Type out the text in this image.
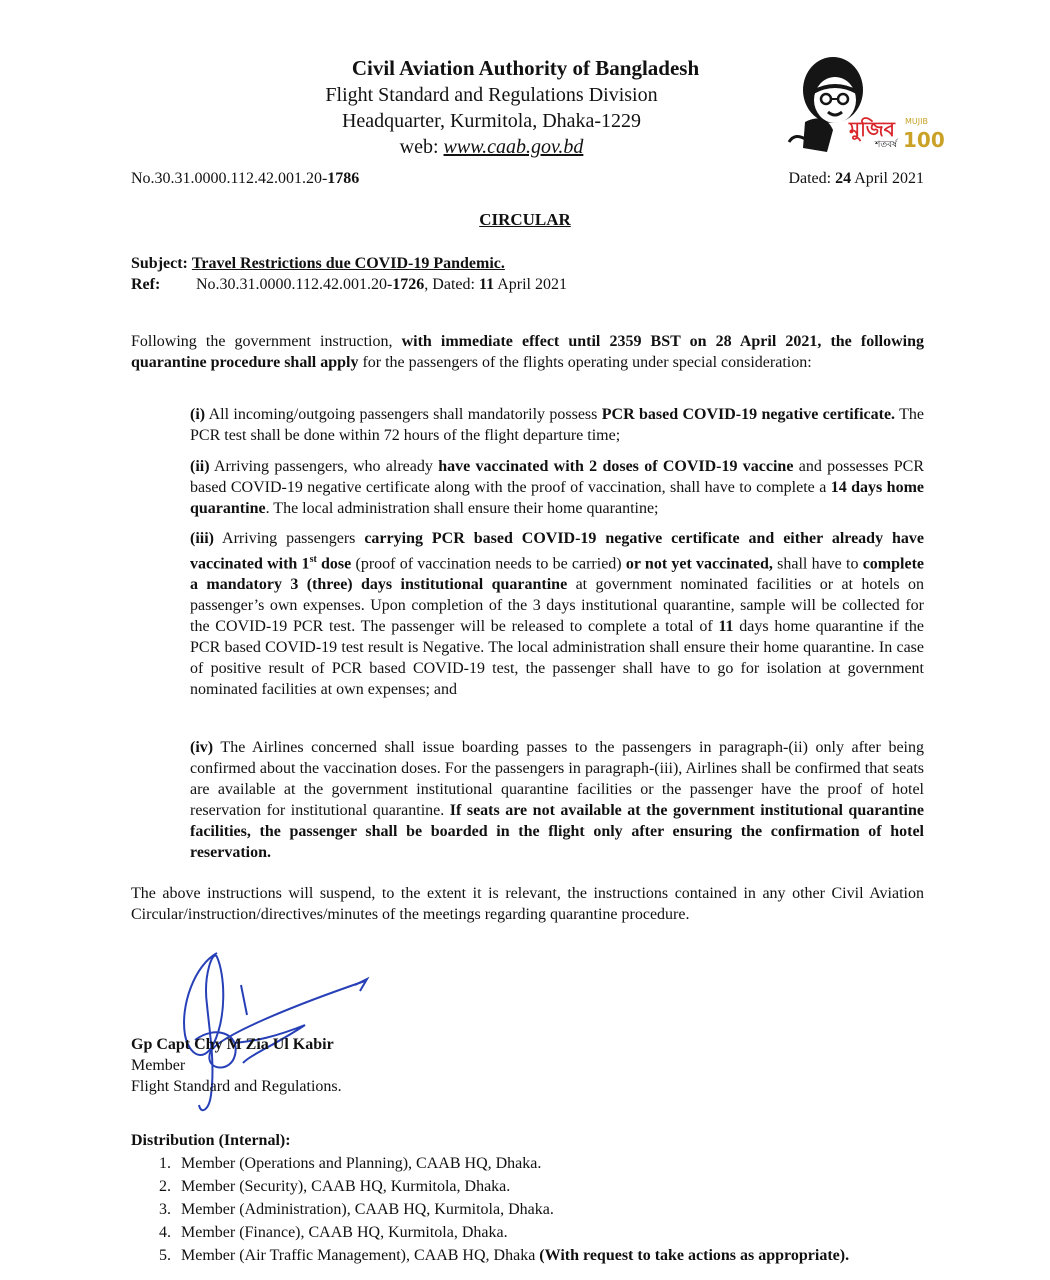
Civil Aviation Authority of Bangladesh
Flight Standard and Regulations Division
Headquarter, Kurmitola, Dhaka-1229
web: www.caab.gov.bd
মুজিব MUJIB
100
শতবর্ষ
No.30.31.0000.112.42.001.20-1786	Dated: 24 April 2021
CIRCULAR
Subject: Travel Restrictions due COVID-19 Pandemic.
Ref: No.30.31.0000.112.42.001.20-1726, Dated: 11 April 2021
Following the government instruction, with immediate effect until 2359 BST on 28 April 2021, the following quarantine procedure shall apply for the passengers of the flights operating under special consideration:
(i) All incoming/outgoing passengers shall mandatorily possess PCR based COVID-19 negative certificate. The PCR test shall be done within 72 hours of the flight departure time;
(ii) Arriving passengers, who already have vaccinated with 2 doses of COVID-19 vaccine and possesses PCR based COVID-19 negative certificate along with the proof of vaccination, shall have to complete a 14 days home quarantine. The local administration shall ensure their home quarantine;
(iii) Arriving passengers carrying PCR based COVID-19 negative certificate and either already have vaccinated with 1st dose (proof of vaccination needs to be carried) or not yet vaccinated, shall have to complete a mandatory 3 (three) days institutional quarantine at government nominated facilities or at hotels on passenger’s own expenses. Upon completion of the 3 days institutional quarantine, sample will be collected for the COVID-19 PCR test. The passenger will be released to complete a total of 11 days home quarantine if the PCR based COVID-19 test result is Negative. The local administration shall ensure their home quarantine. In case of positive result of PCR based COVID-19 test, the passenger shall have to go for isolation at government nominated facilities at own expenses; and
(iv) The Airlines concerned shall issue boarding passes to the passengers in paragraph-(ii) only after being confirmed about the vaccination doses. For the passengers in paragraph-(iii), Airlines shall be confirmed that seats are available at the government institutional quarantine facilities or the passenger have the proof of hotel reservation for institutional quarantine. If seats are not available at the government institutional quarantine facilities, the passenger shall be boarded in the flight only after ensuring the confirmation of hotel reservation.
The above instructions will suspend, to the extent it is relevant, the instructions contained in any other Civil Aviation Circular/instruction/directives/minutes of the meetings regarding quarantine procedure.
Gp Capt Chy M Zia Ul Kabir
Member
Flight Standard and Regulations.
Distribution (Internal):
1. Member (Operations and Planning), CAAB HQ, Dhaka.
2. Member (Security), CAAB HQ, Kurmitola, Dhaka.
3. Member (Administration), CAAB HQ, Kurmitola, Dhaka.
4. Member (Finance), CAAB HQ, Kurmitola, Dhaka.
5. Member (Air Traffic Management), CAAB HQ, Dhaka (With request to take actions as appropriate).
